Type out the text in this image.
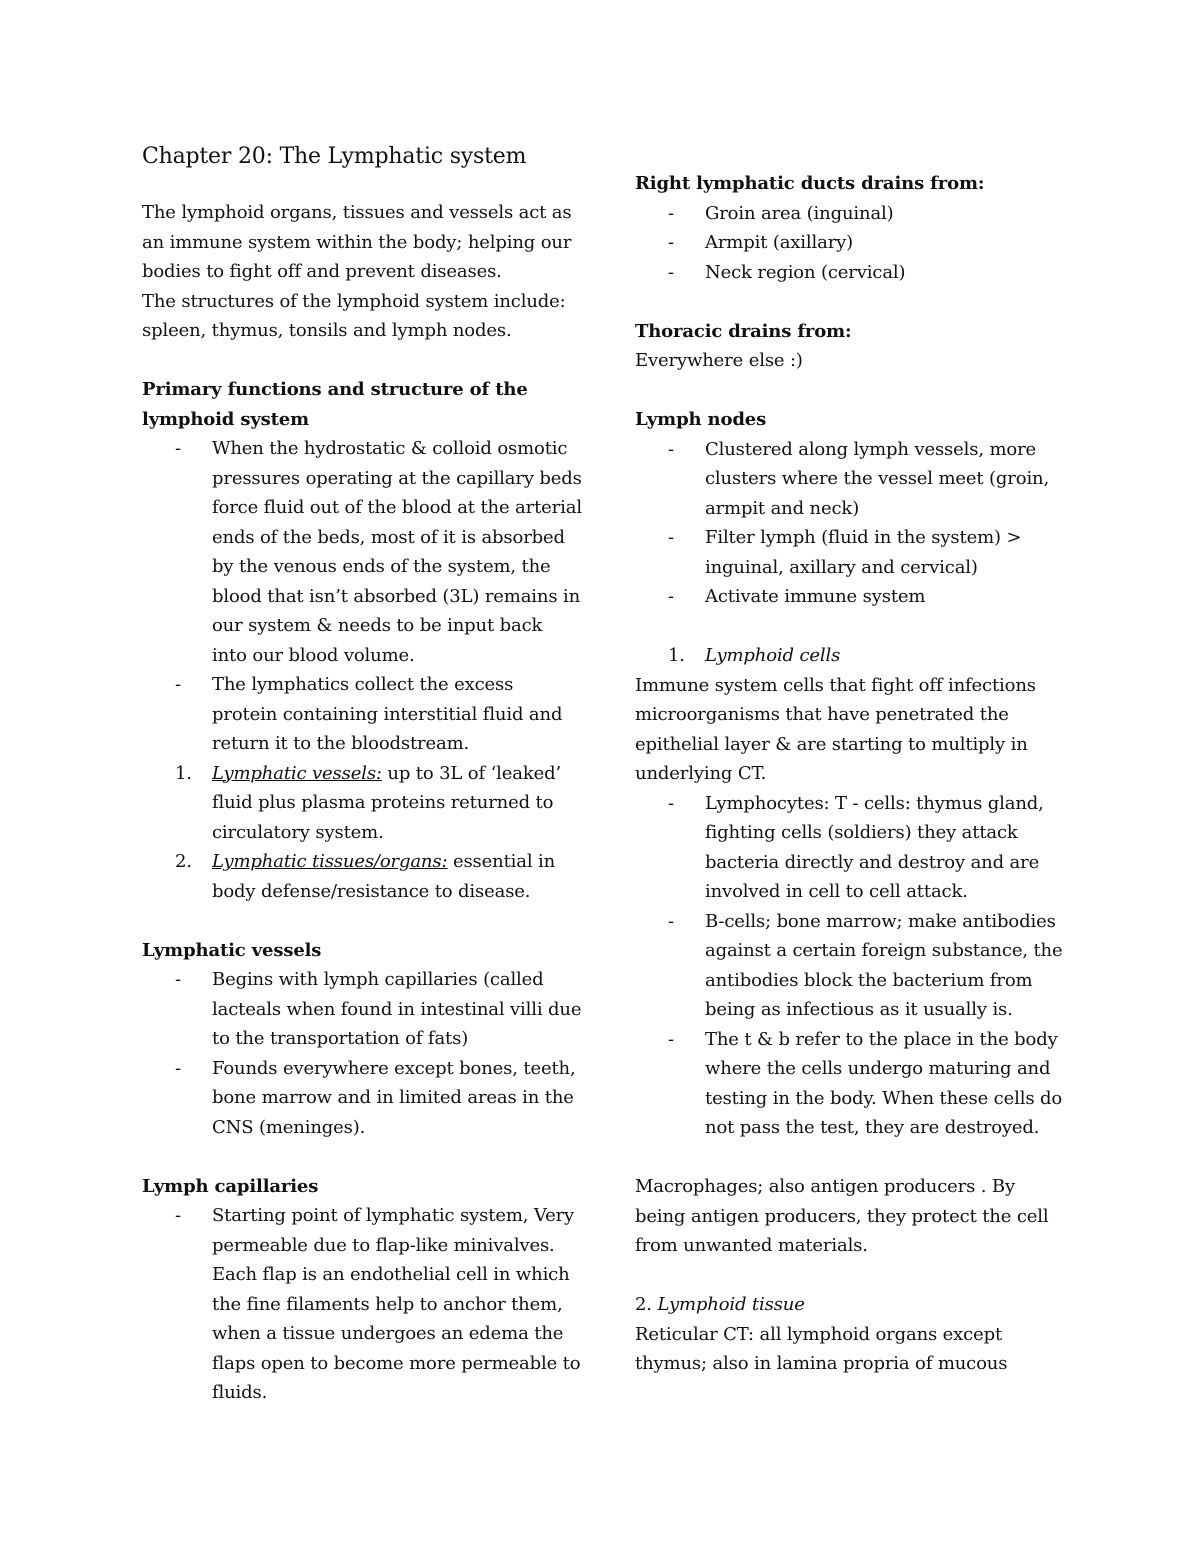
Chapter 20: The Lymphatic system

The lymphoid organs, tissues and vessels act as an immune system within the body; helping our bodies to fight off and prevent diseases.

The structures of the lymphoid system include: spleen, thymus, tonsils and lymph nodes.

Primary functions and structure of the lymphoid system

- When the hydrostatic & colloid osmotic pressures operating at the capillary beds force fluid out of the blood at the arterial ends of the beds, most of it is absorbed by the venous ends of the system, the blood that isn’t absorbed (3L) remains in our system & needs to be input back into our blood volume.
- The lymphatics collect the excess protein containing interstitial fluid and return it to the bloodstream.
1. Lymphatic vessels: up to 3L of ‘leaked’ fluid plus plasma proteins returned to circulatory system.
2. Lymphatic tissues/organs: essential in body defense/resistance to disease.

Lymphatic vessels

- Begins with lymph capillaries (called lacteals when found in intestinal villi due to the transportation of fats)
- Founds everywhere except bones, teeth, bone marrow and in limited areas in the CNS (meninges).

Lymph capillaries

- Starting point of lymphatic system, Very permeable due to flap-like minivalves. Each flap is an endothelial cell in which the fine filaments help to anchor them, when a tissue undergoes an edema the flaps open to become more permeable to fluids.

Right lymphatic ducts drains from:

- Groin area (inguinal)
- Armpit (axillary)
- Neck region (cervical)

Thoracic drains from:

Everywhere else :)

Lymph nodes

- Clustered along lymph vessels, more clusters where the vessel meet (groin, armpit and neck)
- Filter lymph (fluid in the system) > inguinal, axillary and cervical)
- Activate immune system
1. Lymphoid cells

Immune system cells that fight off infections microorganisms that have penetrated the epithelial layer & are starting to multiply in underlying CT.

- Lymphocytes: T - cells: thymus gland, fighting cells (soldiers) they attack bacteria directly and destroy and are involved in cell to cell attack.
- B-cells; bone marrow; make antibodies against a certain foreign substance, the antibodies block the bacterium from being as infectious as it usually is.
- The t & b refer to the place in the body where the cells undergo maturing and testing in the body. When these cells do not pass the test, they are destroyed.

Macrophages; also antigen producers . By being antigen producers, they protect the cell from unwanted materials.

2. Lymphoid tissue

Reticular CT: all lymphoid organs except thymus; also in lamina propria of mucous
